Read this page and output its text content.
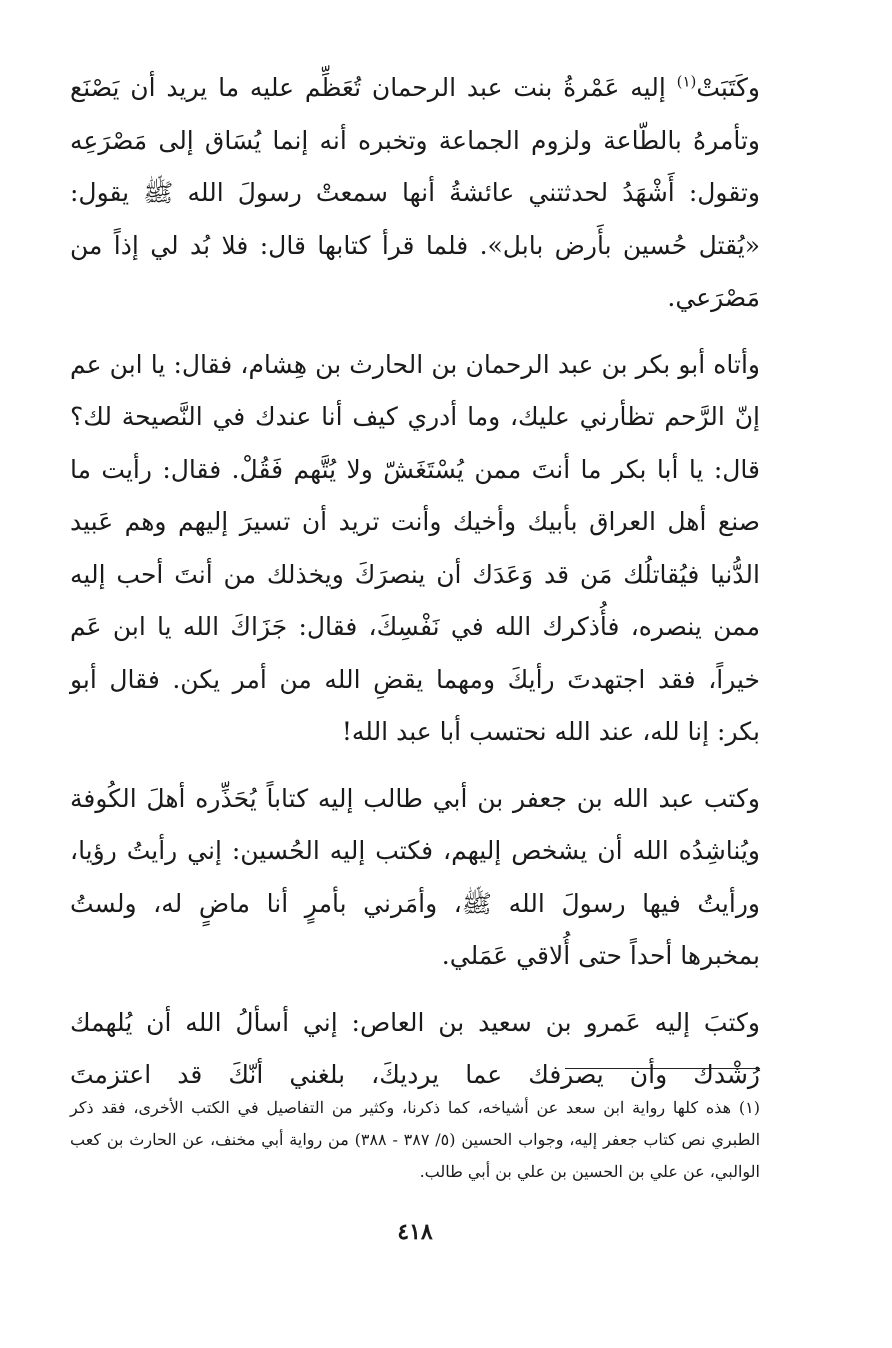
وكَتَبَتْ$^{(١)}$ إليه عَمْرةُ بنت عبد الرحمان تُعَظِّم عليه ما يريد أن يَصْنَع وتأمرهُ بالطّاعة ولزوم الجماعة وتخبره أنه إنما يُسَاق إلى مَصْرَعِه وتقول: أَشْهَدُ لحدثتني عائشةُ أنها سمعتْ رسولَ الله ﷺ يقول: «يُقتل حُسين بأَرض بابل». فلما قرأ كتابها قال: فلا بُد لي إذاً من مَصْرَعي.

وأتاه أبو بكر بن عبد الرحمان بن الحارث بن هِشام، فقال: يا ابن عم إنّ الرَّحم تظأرني عليك، وما أدري كيف أنا عندك في النَّصيحة لك؟ قال: يا أبا بكر ما أنتَ ممن يُسْتَغَشّ ولا يُتَّهم فَقُلْ. فقال: رأيت ما صنع أهل العراق بأبيك وأخيك وأنت تريد أن تسيرَ إليهم وهم عَبيد الدُّنيا فيُقاتلُك مَن قد وَعَدَك أن ينصرَكَ ويخذلك من أنتَ أحب إليه ممن ينصره، فأُذكرك الله في نَفْسِكَ، فقال: جَزَاكَ الله يا ابن عَم خيراً، فقد اجتهدتَ رأيكَ ومهما يقضِ الله من أمر يكن. فقال أبو بكر: إنا لله، عند الله نحتسب أبا عبد الله!

وكتب عبد الله بن جعفر بن أبي طالب إليه كتاباً يُحَذِّره أهلَ الكُوفة ويُناشِدُه الله أن يشخص إليهم، فكتب إليه الحُسين: إني رأيتُ رؤيا، ورأيتُ فيها رسولَ الله ﷺ، وأمَرني بأمرٍ أنا ماضٍ له، ولستُ بمخبرها أحداً حتى أُلاقي عَمَلي.

وكتبَ إليه عَمرو بن سعيد بن العاص: إني أسألُ الله أن يُلهمك رُشْدك وأن يصرفك عما يرديكَ، بلغني أنّكَ قد اعتزمتَ

(١) هذه كلها رواية ابن سعد عن أشياخه، كما ذكرنا، وكثير من التفاصيل في الكتب الأخرى، فقد ذكر الطبري نص كتاب جعفر إليه، وجواب الحسين (٥/ ٣٨٧ - ٣٨٨) من رواية أبي مخنف، عن الحارث بن كعب الوالبي، عن علي بن الحسين بن علي بن أبي طالب.

٤١٨
